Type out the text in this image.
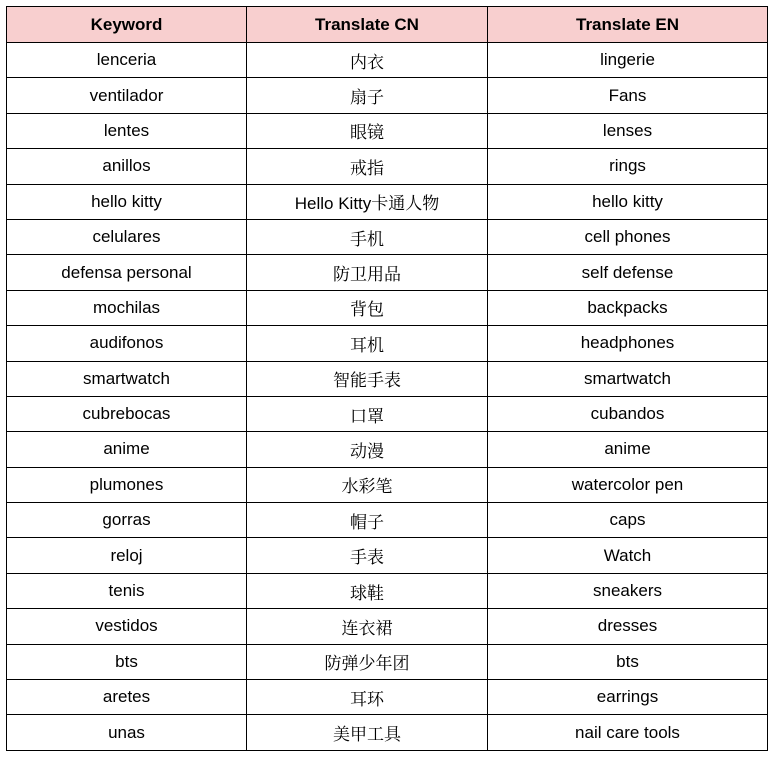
Keyword	Translate CN	Translate EN
lenceria	内衣	lingerie
ventilador	扇子	Fans
lentes	眼镜	lenses
anillos	戒指	rings
hello kitty	Hello Kitty卡通人物	hello kitty
celulares	手机	cell phones
defensa personal	防卫用品	self defense
mochilas	背包	backpacks
audifonos	耳机	headphones
smartwatch	智能手表	smartwatch
cubrebocas	口罩	cubandos
anime	动漫	anime
plumones	水彩笔	watercolor pen
gorras	帽子	caps
reloj	手表	Watch
tenis	球鞋	sneakers
vestidos	连衣裙	dresses
bts	防弹少年团	bts
aretes	耳环	earrings
unas	美甲工具	nail care tools
